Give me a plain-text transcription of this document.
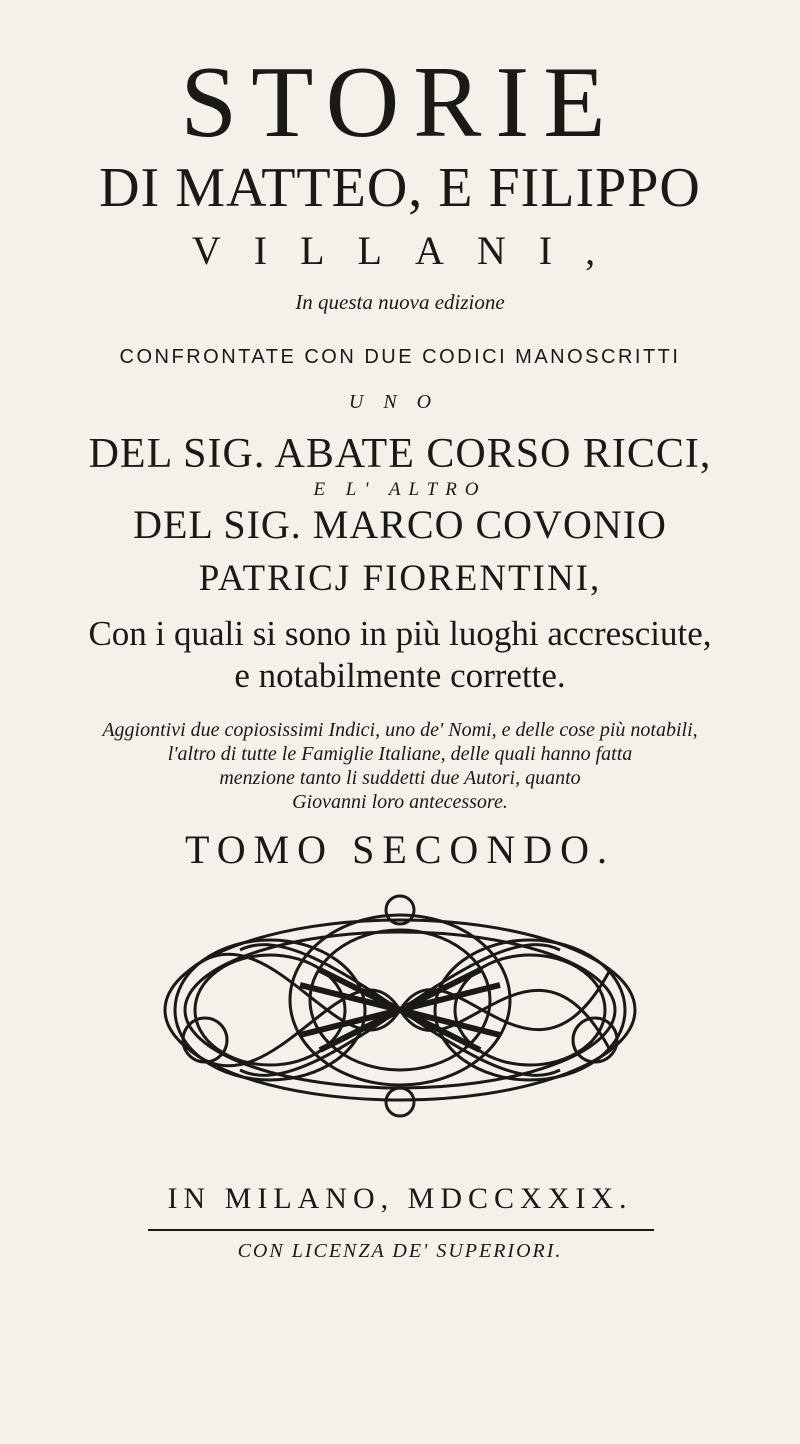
STORIE
DI MATTEO, E FILIPPO
VILLANI,
In questa nuova edizione
CONFRONTATE CON DUE CODICI MANOSCRITTI
UNO
DEL SIG. ABATE CORSO RICCI,
E L' ALTRO
DEL SIG. MARCO COVONIO
PATRICJ FIORENTINI,
Con i quali si sono in più luoghi accresciute,
e notabilmente corrette.
Aggiontivi due copiosissimi Indici, uno de' Nomi, e delle cose più notabili,
l'altro di tutte le Famiglie Italiane, delle quali hanno fatta
menzione tanto li suddetti due Autori, quanto
Giovanni loro antecessore.
TOMO SECONDO.
IN MILANO, MDCCXXIX.
CON LICENZA DE' SUPERIORI.
